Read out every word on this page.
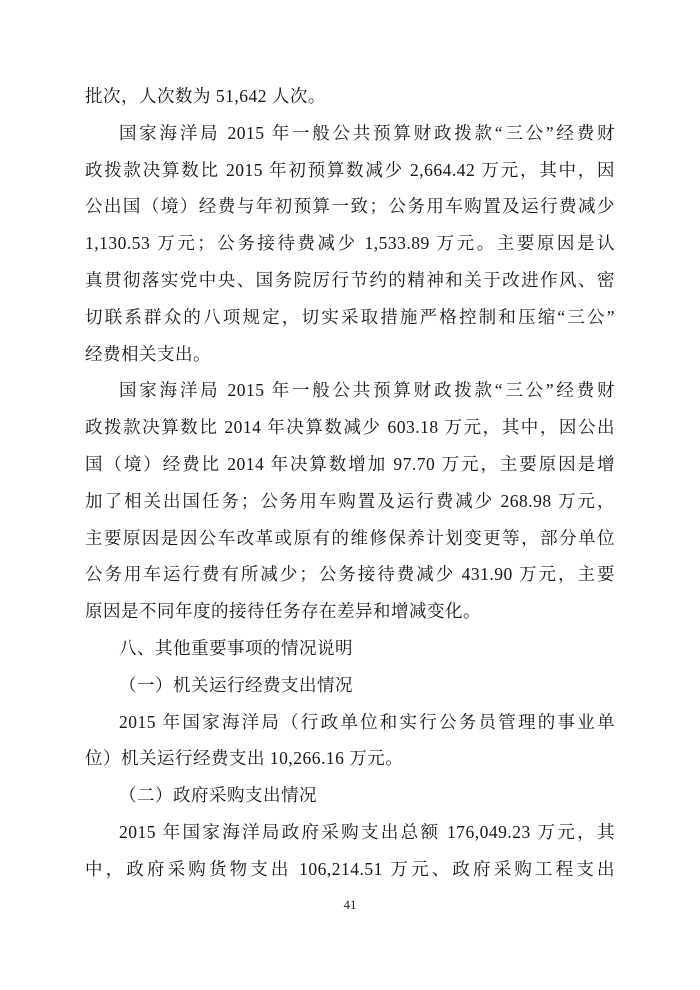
批次，人次数为 51,642 人次。
国家海洋局 2015 年一般公共预算财政拨款“三公”经费财
政拨款决算数比 2015 年初预算数减少 2,664.42 万元，其中，因
公出国（境）经费与年初预算一致；公务用车购置及运行费减少
1,130.53 万元；公务接待费减少 1,533.89 万元。主要原因是认
真贯彻落实党中央、国务院厉行节约的精神和关于改进作风、密
切联系群众的八项规定，切实采取措施严格控制和压缩“三公”
经费相关支出。
国家海洋局 2015 年一般公共预算财政拨款“三公”经费财
政拨款决算数比 2014 年决算数减少 603.18 万元，其中，因公出
国（境）经费比 2014 年决算数增加 97.70 万元，主要原因是增
加了相关出国任务；公务用车购置及运行费减少 268.98 万元，
主要原因是因公车改革或原有的维修保养计划变更等，部分单位
公务用车运行费有所减少；公务接待费减少 431.90 万元，主要
原因是不同年度的接待任务存在差异和增减变化。
八、其他重要事项的情况说明
（一）机关运行经费支出情况
2015 年国家海洋局（行政单位和实行公务员管理的事业单
位）机关运行经费支出 10,266.16 万元。
（二）政府采购支出情况
2015 年国家海洋局政府采购支出总额 176,049.23 万元，其
中，政府采购货物支出 106,214.51 万元、政府采购工程支出
41
